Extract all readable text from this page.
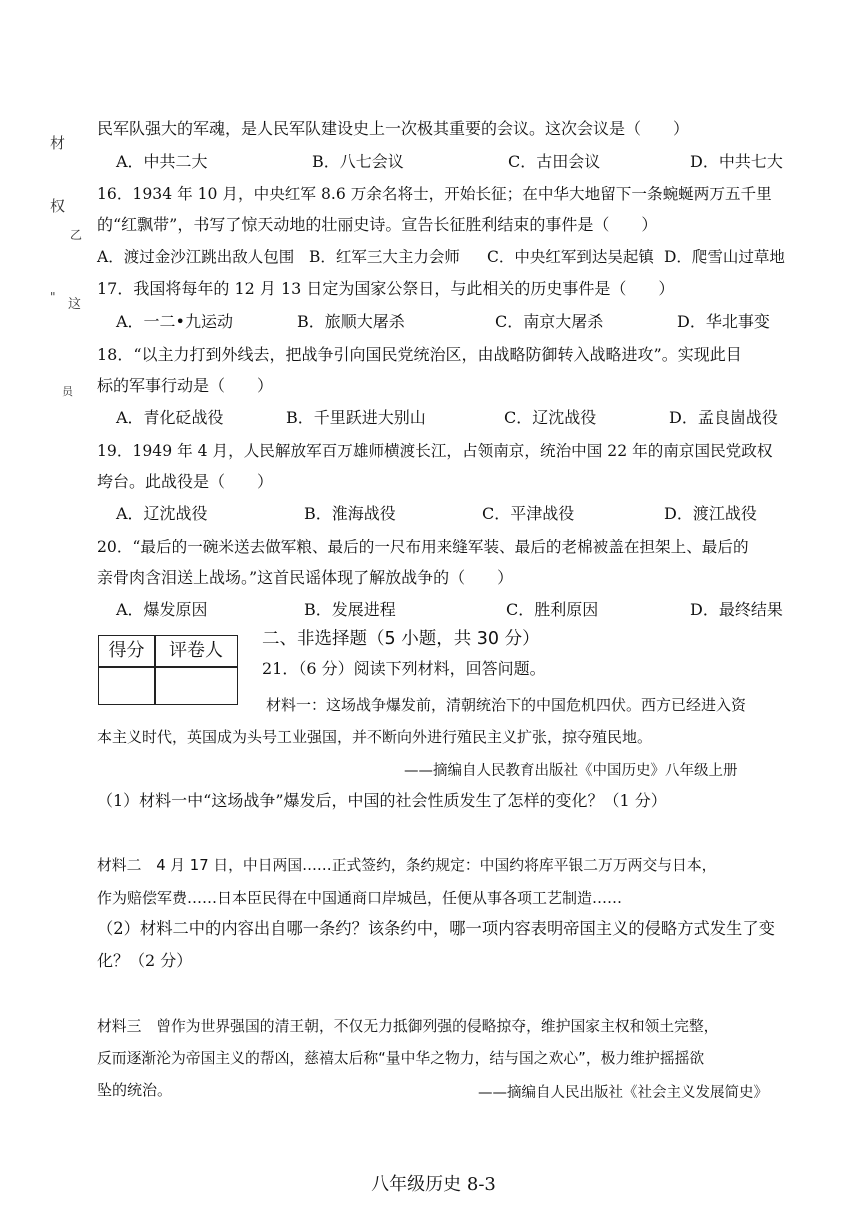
材
权
乙
" 这
员
民军队强大的军魂，是人民军队建设史上一次极其重要的会议。这次会议是（　　）
A．中共二大	B．八七会议	C．古田会议	D．中共七大
16．1934 年 10 月，中央红军 8.6 万余名将士，开始长征；在中华大地留下一条蜿蜒两万五千里
的“红飘带”，书写了惊天动地的壮丽史诗。宣告长征胜利结束的事件是（　　）
A．渡过金沙江跳出敌人包围 B．红军三大主力会师 C．中央红军到达吴起镇 D．爬雪山过草地
17．我国将每年的 12 月 13 日定为国家公祭日，与此相关的历史事件是（　　）
A．一二•九运动	B．旅顺大屠杀	C．南京大屠杀	D．华北事变
18．“以主力打到外线去，把战争引向国民党统治区，由战略防御转入战略进攻”。实现此目
标的军事行动是（　　）
A．青化砭战役	B．千里跃进大别山	C．辽沈战役	D．孟良崮战役
19．1949 年 4 月，人民解放军百万雄师横渡长江，占领南京，统治中国 22 年的南京国民党政权
垮台。此战役是（　　）
A．辽沈战役	B．淮海战役	C．平津战役	D．渡江战役
20．“最后的一碗米送去做军粮、最后的一尺布用来缝军装、最后的老棉被盖在担架上、最后的
亲骨肉含泪送上战场。”这首民谣体现了解放战争的（　　）
A．爆发原因	B．发展进程	C．胜利原因	D．最终结果
得分	评卷人
二、非选择题（5 小题，共 30 分）
21．（6 分）阅读下列材料，回答问题。
材料一：这场战争爆发前，清朝统治下的中国危机四伏。西方已经进入资
本主义时代，英国成为头号工业强国，并不断向外进行殖民主义扩张，掠夺殖民地。
——摘编自人民教育出版社《中国历史》八年级上册
（1）材料一中“这场战争”爆发后，中国的社会性质发生了怎样的变化？（1 分）
材料二　4 月 17 日，中日两国……正式签约，条约规定：中国约将库平银二万万两交与日本，
作为赔偿军费……日本臣民得在中国通商口岸城邑，任便从事各项工艺制造……
（2）材料二中的内容出自哪一条约？该条约中，哪一项内容表明帝国主义的侵略方式发生了变
化？（2 分）
材料三　曾作为世界强国的清王朝，不仅无力抵御列强的侵略掠夺，维护国家主权和领土完整，
反而逐渐沦为帝国主义的帮凶，慈禧太后称“量中华之物力，结与国之欢心”，极力维护摇摇欲
坠的统治。	——摘编自人民出版社《社会主义发展简史》
八年级历史 8-3
